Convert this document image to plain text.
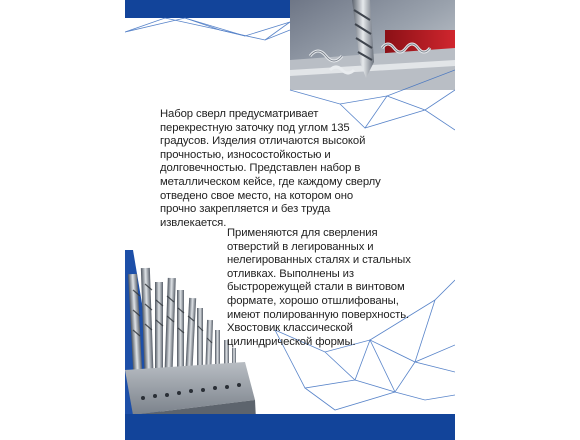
Набор сверл предусматривает перекрестную заточку под углом 135 градусов. Изделия отличаются высокой прочностью, износостойкостью и долговечностью. Представлен набор в металлическом кейсе, где каждому сверлу отведено свое место, на котором оно прочно закрепляется и без труда извлекается.
Применяются для сверления отверстий в легированных и нелегированных сталях и стальных отливках. Выполнены из быстрорежущей стали в винтовом формате, хорошо отшлифованы, имеют полированную поверхность. Хвостовик классической цилиндрической формы.
